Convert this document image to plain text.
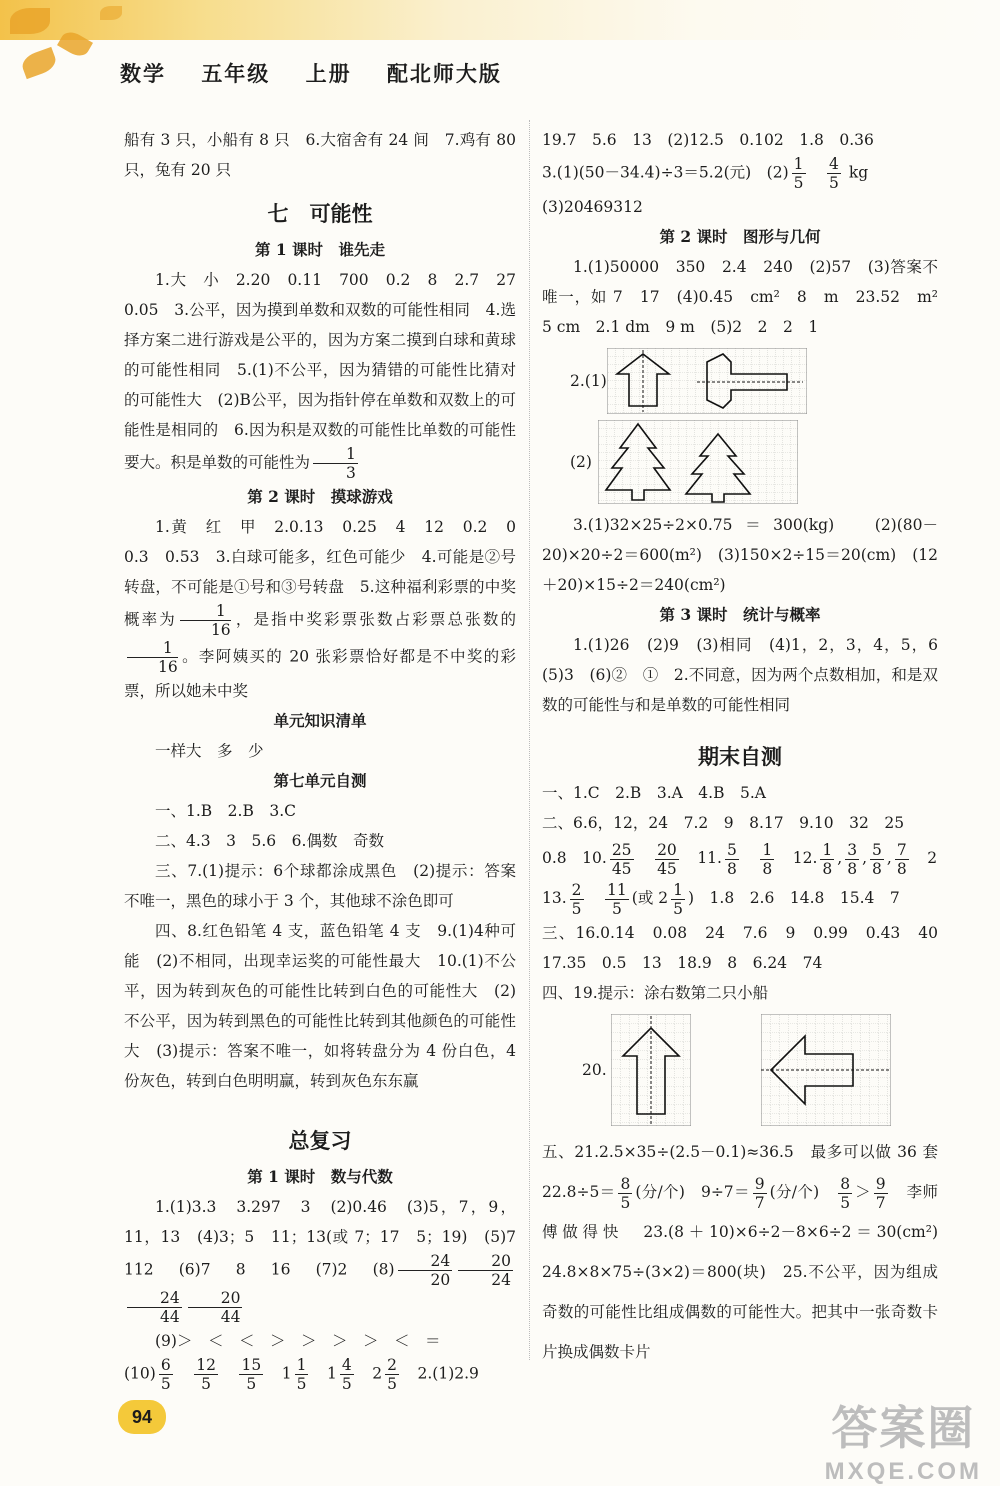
数学 五年级 上册 配北师大版

船有 3 只，小船有 8 只　6.大宿舍有 24 间　7.鸡有 80 只，兔有 20 只

七　可能性

第 1 课时　谁先走

1.大　小　2.20　0.11　700　0.2　8　2.7　27　0.05　3.公平，因为摸到单数和双数的可能性相同　4.选择方案二进行游戏是公平的，因为方案二摸到白球和黄球的可能性相同　5.(1)不公平，因为猜错的可能性比猜对的可能性大　(2)B公平，因为指针停在单数和双数上的可能性是相同的　6.因为积是双数的可能性比单数的可能性要大。积是单数的可能性为 $\frac{1}{3}$

第 2 课时　摸球游戏

1.黄　红　甲　2.0.13　0.25　4　12　0.2　0　0.3　0.53　3.白球可能多，红色可能少　4.可能是②号转盘，不可能是①号和③号转盘　5.这种福利彩票的中奖概率为 $\frac{1}{16}$ ，是指中奖彩票张数占彩票总张数的
$\frac{1}{16}$ 。李阿姨买的 20 张彩票恰好都是不中奖的彩票，所以她未中奖

单元知识清单

一样大　多　少

第七单元自测

一、1.B　2.B　3.C

二、4.3　3　5.6　6.偶数　奇数

三、7.(1)提示：6个球都涂成黑色　(2)提示：答案不唯一，黑色的球小于 3 个，其他球不涂色即可

四、8.红色铅笔 4 支，蓝色铅笔 4 支　9.(1)4种可能　(2)不相同，出现幸运奖的可能性最大　10.(1)不公平，因为转到灰色的可能性比转到白色的可能性大　(2)不公平，因为转到黑色的可能性比转到其他颜色的可能性大　(3)提示：答案不唯一，如将转盘分为 4 份白色，4 份灰色，转到白色明明赢，转到灰色东东赢

总复习

第 1 课时　数与代数

1.(1)3.3　3.297　3　(2)0.46　(3)5，7，9，11，13　(4)3；5　11；13(或 7；17　5；19)　(5)7　112　(6)7　8　16　(7)2　$(8) \frac{24}{20} \frac{20}{24}$
$\frac{24}{44} \frac{20}{44}$

(9)＞　＜　＜　＞　＞　＞　＞　＜　＝

$(10) \frac{6}{5}$
　 $\frac{12}{5}$
　 $\frac{15}{5}$
　 $1 \frac{1}{5}$
　 $1 \frac{4}{5}$
　 $2 \frac{2}{5}$
　 2.(1)2.9

19.7　5.6　13　(2)12.5　0.102　1.8　0.36

3.(1)(50－34.4)÷3＝5.2(元)　$(2) \frac{1}{5}$
　 $\frac{4}{5}$ kg

(3)20469312

第 2 课时　图形与几何

1.(1)50000　350　2.4　240　(2)57　(3)答案不唯一，如 7　17　(4)0.45　cm²　8　m　23.52　m²　5 cm　2.1 dm　9 m　(5)2　2　2　1

2.(1)
(2)

3.(1)32×25÷2×0.75＝300(kg)　(2)(80－20)×20÷2＝600(m²)　(3)150×2÷15＝20(cm)　(12＋20)×15÷2＝240(cm²)

第 3 课时　统计与概率

1.(1)26　(2)9　(3)相同　(4)1，2，3，4，5，6　(5)3　(6)②　①　2.不同意，因为两个点数相加，和是双数的可能性与和是单数的可能性相同

期末自测

一、1.C　2.B　3.A　4.B　5.A

二、6.6，12，24　7.2　9　8.17　9.10　32　25

0.8　10. $\frac{25}{45}$
　 $\frac{20}{45}$
　 11. $\frac{5}{8}$
　 $\frac{1}{8}$
　 12. $\frac{1}{8}$ , $\frac{3}{8}$ , $\frac{5}{8}$ , $\frac{7}{8}$
　 2

13. $\frac{2}{5}$
　 $\frac{11}{5}$ (或 $2 \frac{1}{5}$ )　1.8　2.6　14.8　15.4　7

三、16.0.14　0.08　24　7.6　9　0.99　0.43　40　17.35　0.5　13　18.9　8　6.24　74

四、19.提示：涂右数第二只小船

20.

五、21.2.5×35÷(2.5－0.1)≈36.5　最多可以做 36 套　$22.8\div 5= \frac{8}{5}$ (分/个)　$9\div 7= \frac{9}{7}$ (分/个)　 $\frac{8}{5} > \frac{9}{7}$
　 李师傅做得快　23.(8＋10)×6÷2－8×6÷2＝30(cm²)　24.8×8×75÷(3×2)＝800(块)　25.不公平，因为组成奇数的可能性比组成偶数的可能性大。把其中一张奇数卡片换成偶数卡片

94	答案圈
MXQE.COM
